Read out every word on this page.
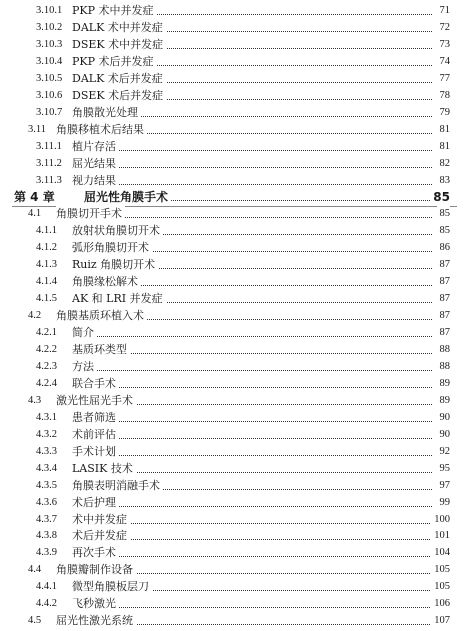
3.10.1 PKP 术中并发症	71
3.10.2 DALK 术中并发症	72
3.10.3 DSEK 术中并发症	73
3.10.4 PKP 术后并发症	74
3.10.5 DALK 术后并发症	77
3.10.6 DSEK 术后并发症	78
3.10.7 角膜散光处理	79
3.11 角膜移植术后结果	81
3.11.1 植片存活	81
3.11.2 屈光结果	82
3.11.3 视力结果	83
第 4 章 屈光性角膜手术	85
4.1 角膜切开手术	85
4.1.1 放射状角膜切开术	85
4.1.2 弧形角膜切开术	86
4.1.3 Ruiz 角膜切开术	87
4.1.4 角膜缘松解术	87
4.1.5 AK 和 LRI 并发症	87
4.2 角膜基质环植入术	87
4.2.1 简介	87
4.2.2 基质环类型	88
4.2.3 方法	88
4.2.4 联合手术	89
4.3 激光性屈光手术	89
4.3.1 患者筛选	90
4.3.2 术前评估	90
4.3.3 手术计划	92
4.3.4 LASIK 技术	95
4.3.5 角膜表明消融手术	97
4.3.6 术后护理	99
4.3.7 术中并发症	100
4.3.8 术后并发症	101
4.3.9 再次手术	104
4.4 角膜瓣制作设备	105
4.4.1 微型角膜板层刀	105
4.4.2 飞秒激光	106
4.5 屈光性激光系统	107
